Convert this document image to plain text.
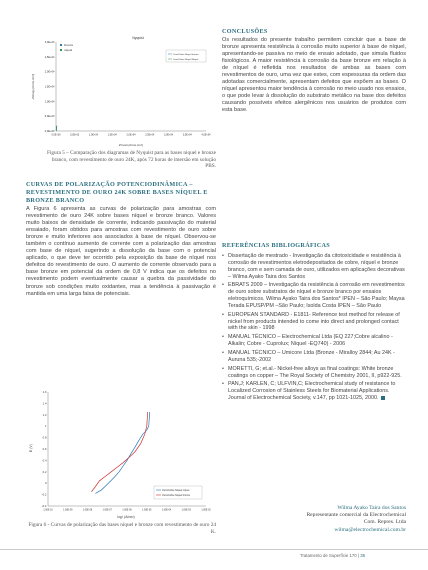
Nyquist
0,0E+00
5,0E+03
1,0E+04
1,5E+04
2,0E+04
2,5E+04
3,0E+04
0,0E+00	5,0E+03	1,0E+04	1,5E+04	2,0E+04	2,5E+04	3,0E+04	3,5E+04	4,0E+04
-Zimag (ohms.cm²)
Z'real (ohms.cm²)
bronze
níquel
Ouro/Cobre Níquel bronze
Ouro/Cobre Níquel Níquel
Figura 5 – Comparação dos diagramas de Nyquist para as bases níquel e bronze branco, com revestimento de ouro 24K, após 72 horas de imersão em solução PBS.
CURVAS DE POLARIZAÇÃO POTENCIODINÂMICA – REVESTIMENTO DE OURO 24K SOBRE BASES NÍQUEL E BRONZE BRANCO

A Figura 6 apresenta as curvas de polarização para amostras com revestimento de ouro 24K sobre bases níquel e bronze branco. Valores muito baixos de densidade de corrente, indicando passivação do material ensaiado, foram obtidos para amostras com revestimento de ouro sobre bronze e muito inferiores aos associados à base de níquel. Observou-se também o contínuo aumento de corrente com a polarização das amostras com base de níquel, sugerindo a dissolução da base com o potencial aplicado, o que deve ter ocorrido pela exposição da base de níquel nos defeitos do revestimento de ouro. O aumento de corrente observado para a base bronze em potencial da ordem de 0,8 V indica que os defeitos no revestimento podem eventualmente causar a quebra da passividade do bronze sob condições muito oxidantes, mas a tendência à passivação é mantida em uma larga faixa de potenciais.

-0.4
-0.2
0
0.2
0.4
0.6
0.8
1
1.2
1.4
1.6
1.00E-10	1.00E-09	1.00E-08	1.00E-07	1.00E-06	1.00E-05	1.00E-04	1.00E-03	1.00E-02
E (V)
log i (A/cm²)
Ouro/Cobre Níquel níquel
Ouro/Cobre Níquel bronze
Figura 6 - Curvas de polarização das bases níquel e bronze com revestimento de ouro 24 K.
CONCLUSÕES

Os resultados do presente trabalho permitem concluir que a base de bronze apresenta resistência à corrosão muito superior à base de níquel, apresentando-se passiva no meio de ensaio adotado, que simula fluidos fisiológicos. A maior resistência à corrosão da base bronze em relação à de níquel é refletida nos resultados de ambas as bases com revestimentos de ouro, uma vez que estes, com espessuras da ordem das adotadas comercialmente, apresentam defeitos que expõem as bases. O níquel apresentou maior tendência à corrosão no meio usado nos ensaios, o que pode levar à dissolução do substrato metálico na base dos defeitos causando possíveis efeitos alergênicos nos usuários de produtos com esta base.

REFERÊNCIAS BIBLIOGRÁFICAS
• Dissertação de mestrado - Investigação da citotoxicidade e resistência à corrosão de revestimentos eletrodepositados de cobre, níquel e bronze branco, com e sem camada de ouro, utilizados em aplicações decorativas – Wilma Ayako Taira dos Santos
• EBRATS 2009 – Investigação da resistência à corrosão em revestimentos de ouro sobre substratos de níquel e bronze branco por ensaios eletroquímicos. Wilma Ayako Taira dos Santos* IPEN – São Paulo; Maysa Terada EPUSP/PM –São Paulo; Isolda Costa IPEN – São Paulo
• EUROPEAN STANDARD - E1811- Reference test method for release of nickel from products intended to come into direct and prolonged contact with the skin - 1998
• MANUAL TÉCNICO – Electrochemical Ltda (EQ 227;Cobre alcalino - Alkalin; Cobre - Cuprolux; Níquel -EQ740) - 2006
• MANUAL TÉCNICO – Umicore Ltda (Bronze - Miralloy 2844; Au 24K -Auruna 535;-2002
• MORETTI, G; et.al.- Nickel-free alloys as final coatings: White bronze coatings on copper – The Royal Society of Chemistry 2001, II, p922-925.
• PAN,J; KARLEN, C; ULFVIN,C; Electrochemical study of resistance to Localized Corrosion of Stainless Steels for Biomaterial Applications. Journal of Electrochemical Society, v.147, pp 1021-1025, 2000.
Wilma Ayako Taira dos Santos
Representante comercial da Electrochemical
Com. Repres. Ltda
wilma@electrochemical.com.br
Tratamento de Superfície 170 | 35
